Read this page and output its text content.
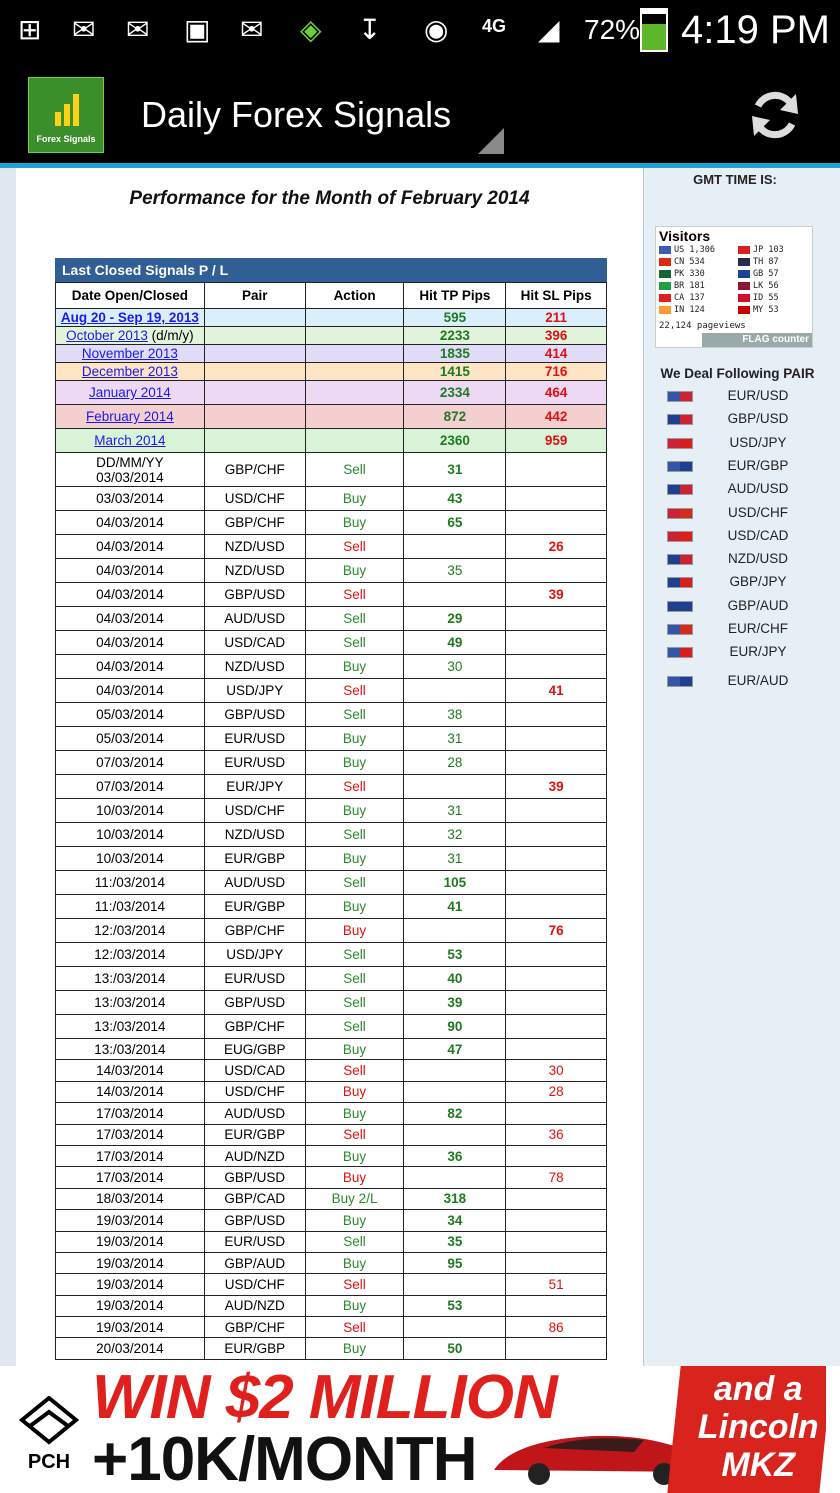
⊞ ✉ ✉ ▣ ✉ ◈ ↧ ◉ 4G ◢ 72% 4:19 PM
Forex Signals
Daily Forex Signals
Performance for the Month of February 2014
Last Closed Signals P / L
Date Open/Closed	Pair	Action	Hit TP Pips	Hit SL Pips
Aug 20 - Sep 19, 2013			595	211
October 2013 (d/m/y)			2233	396
November 2013			1835	414
December 2013			1415	716
January 2014			2334	464
February 2014			872	442
March 2014			2360	959

DD/MM/YY
03/03/2014	GBP/CHF	Sell	31	
03/03/2014	USD/CHF	Buy	43	
04/03/2014	GBP/CHF	Buy	65	
04/03/2014	NZD/USD	Sell		26
04/03/2014	NZD/USD	Buy	35	
04/03/2014	GBP/USD	Sell		39
04/03/2014	AUD/USD	Sell	29	
04/03/2014	USD/CAD	Sell	49	
04/03/2014	NZD/USD	Buy	30	
04/03/2014	USD/JPY	Sell		41
05/03/2014	GBP/USD	Sell	38	
05/03/2014	EUR/USD	Buy	31	
07/03/2014	EUR/USD	Buy	28	
07/03/2014	EUR/JPY	Sell		39
10/03/2014	USD/CHF	Buy	31	
10/03/2014	NZD/USD	Sell	32	
10/03/2014	EUR/GBP	Buy	31	
11:/03/2014	AUD/USD	Sell	105	
11:/03/2014	EUR/GBP	Buy	41	
12:/03/2014	GBP/CHF	Buy		76
12:/03/2014	USD/JPY	Sell	53	
13:/03/2014	EUR/USD	Sell	40	
13:/03/2014	GBP/USD	Sell	39	
13:/03/2014	GBP/CHF	Sell	90	
13:/03/2014	EUG/GBP	Buy	47	
14/03/2014	USD/CAD	Sell		30
14/03/2014	USD/CHF	Buy		28
17/03/2014	AUD/USD	Buy	82	
17/03/2014	EUR/GBP	Sell		36
17/03/2014	AUD/NZD	Buy	36	
17/03/2014	GBP/USD	Buy		78
18/03/2014	GBP/CAD	Buy 2/L	318	
19/03/2014	GBP/USD	Buy	34	
19/03/2014	EUR/USD	Sell	35	
19/03/2014	GBP/AUD	Buy	95	
19/03/2014	USD/CHF	Sell		51
19/03/2014	AUD/NZD	Buy	53	
19/03/2014	GBP/CHF	Sell		86
20/03/2014	EUR/GBP	Buy	50	
GMT TIME IS:
Visitors
US 1,306
CN 534
PK 330
BR 181
CA 137
IN 124
JP 103
TH 87
GB 57
LK 56
ID 55
MY 53
22,124 pageviews
FLAG counter
We Deal Following PAIR
EUR/USD
GBP/USD
USD/JPY
EUR/GBP
AUD/USD
USD/CHF
USD/CAD
NZD/USD
GBP/JPY
GBP/AUD
EUR/CHF
EUR/JPY
EUR/AUD
PCH
WIN $2 MILLION
+10K/MONTH
and a Lincoln MKZ
